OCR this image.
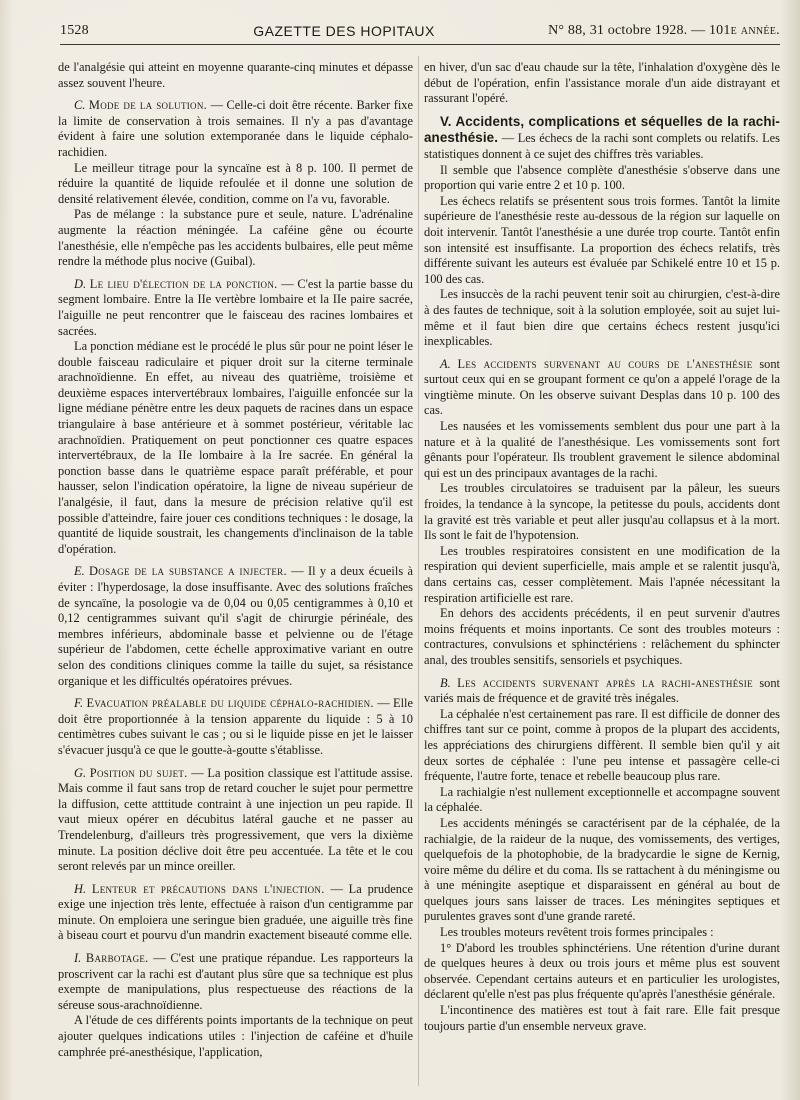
1528	GAZETTE DES HOPITAUX	N° 88, 31 octobre 1928. — 101e année.

de l'analgésie qui atteint en moyenne quarante-cinq minutes et dépasse assez souvent l'heure.

C. Mode de la solution. — Celle-ci doit être récente. Barker fixe la limite de conservation à trois semaines. Il n'y a pas d'avantage évident à faire une solution extemporanée dans le liquide céphalo-rachidien.

Le meilleur titrage pour la syncaïne est à 8 p. 100. Il permet de réduire la quantité de liquide refoulée et il donne une solution de densité relativement élevée, condition, comme on l'a vu, favorable.

Pas de mélange : la substance pure et seule, nature. L'adrénaline augmente la réaction méningée. La caféine gêne ou écourte l'anesthésie, elle n'empêche pas les accidents bulbaires, elle peut même rendre la méthode plus nocive (Guibal).

D. Le lieu d'élection de la ponction. — C'est la partie basse du segment lombaire. Entre la IIe vertèbre lombaire et la IIe paire sacrée, l'aiguille ne peut rencontrer que le faisceau des racines lombaires et sacrées.

La ponction médiane est le procédé le plus sûr pour ne point léser le double faisceau radiculaire et piquer droit sur la citerne terminale arachnoïdienne. En effet, au niveau des quatrième, troisième et deuxième espaces intervertébraux lombaires, l'aiguille enfoncée sur la ligne médiane pénètre entre les deux paquets de racines dans un espace triangulaire à base antérieure et à sommet postérieur, véritable lac arachnoïdien. Pratiquement on peut ponctionner ces quatre espaces intervertébraux, de la IIe lombaire à la Ire sacrée. En général la ponction basse dans le quatrième espace paraît préférable, et pour hausser, selon l'indication opératoire, la ligne de niveau supérieur de l'analgésie, il faut, dans la mesure de précision relative qu'il est possible d'atteindre, faire jouer ces conditions techniques : le dosage, la quantité de liquide soustrait, les changements d'inclinaison de la table d'opération.

E. Dosage de la substance a injecter. — Il y a deux écueils à éviter : l'hyperdosage, la dose insuffisante. Avec des solutions fraîches de syncaïne, la posologie va de 0,04 ou 0,05 centigrammes à 0,10 et 0,12 centigrammes suivant qu'il s'agit de chirurgie périnéale, des membres inférieurs, abdominale basse et pelvienne ou de l'étage supérieur de l'abdomen, cette échelle approximative variant en outre selon des conditions cliniques comme la taille du sujet, sa résistance organique et les difficultés opératoires prévues.

F. Evacuation préalable du liquide céphalo-rachidien. — Elle doit être proportionnée à la tension apparente du liquide : 5 à 10 centimètres cubes suivant le cas ; ou si le liquide pisse en jet le laisser s'évacuer jusqu'à ce que le goutte-à-goutte s'établisse.

G. Position du sujet. — La position classique est l'attitude assise. Mais comme il faut sans trop de retard coucher le sujet pour permettre la diffusion, cette atttitude contraint à une injection un peu rapide. Il vaut mieux opérer en décubitus latéral gauche et ne passer au Trendelenburg, d'ailleurs très progressivement, que vers la dixième minute. La position déclive doit être peu accentuée. La tête et le cou seront relevés par un mince oreiller.

H. Lenteur et précautions dans l'injection. — La prudence exige une injection très lente, effectuée à raison d'un centigramme par minute. On emploiera une seringue bien graduée, une aiguille très fine à biseau court et pourvu d'un mandrin exactement biseauté comme elle.

I. Barbotage. — C'est une pratique répandue. Les rapporteurs la proscrivent car la rachi est d'autant plus sûre que sa technique est plus exempte de manipulations, plus respectueuse des réactions de la séreuse sous-arachnoïdienne.

A l'étude de ces différents points importants de la technique on peut ajouter quelques indications utiles : l'injection de caféine et d'huile camphrée pré-anesthésique, l'application,

en hiver, d'un sac d'eau chaude sur la tête, l'inhalation d'oxygène dès le début de l'opération, enfin l'assistance morale d'un aide distrayant et rassurant l'opéré.

V. Accidents, complications et séquelles de la rachi-anesthésie. — Les échecs de la rachi sont complets ou relatifs. Les statistiques donnent à ce sujet des chiffres très variables.

Il semble que l'absence complète d'anesthésie s'observe dans une proportion qui varie entre 2 et 10 p. 100.

Les échecs relatifs se présentent sous trois formes. Tantôt la limite supérieure de l'anesthésie reste au-dessous de la région sur laquelle on doit intervenir. Tantôt l'anesthésie a une durée trop courte. Tantôt enfin son intensité est insuffisante. La proportion des échecs relatifs, très différente suivant les auteurs est évaluée par Schikelé entre 10 et 15 p. 100 des cas.

Les insuccès de la rachi peuvent tenir soit au chirurgien, c'est-à-dire à des fautes de technique, soit à la solution employée, soit au sujet lui-même et il faut bien dire que certains échecs restent jusqu'ici inexplicables.

A. Les accidents survenant au cours de l'anesthésie sont surtout ceux qui en se groupant forment ce qu'on a appelé l'orage de la vingtième minute. On les observe suivant Desplas dans 10 p. 100 des cas.

Les nausées et les vomissements semblent dus pour une part à la nature et à la qualité de l'anesthésique. Les vomissements sont fort gênants pour l'opérateur. Ils troublent gravement le silence abdominal qui est un des principaux avantages de la rachi.

Les troubles circulatoires se traduisent par la pâleur, les sueurs froides, la tendance à la syncope, la petitesse du pouls, accidents dont la gravité est très variable et peut aller jusqu'au collapsus et à la mort. Ils sont le fait de l'hypotension.

Les troubles respiratoires consistent en une modification de la respiration qui devient superficielle, mais ample et se ralentit jusqu'à, dans certains cas, cesser complètement. Mais l'apnée nécessitant la respiration artificielle est rare.

En dehors des accidents précédents, il en peut survenir d'autres moins fréquents et moins inportants. Ce sont des troubles moteurs : contractures, convulsions et sphinctériens : relâchement du sphincter anal, des troubles sensitifs, sensoriels et psychiques.

B. Les accidents survenant après la rachi-anesthésie sont variés mais de fréquence et de gravité très inégales.

La céphalée n'est certainement pas rare. Il est difficile de donner des chiffres tant sur ce point, comme à propos de la plupart des accidents, les appréciations des chirurgiens diffèrent. Il semble bien qu'il y ait deux sortes de céphalée : l'une peu intense et passagère celle-ci fréquente, l'autre forte, tenace et rebelle beaucoup plus rare.

La rachialgie n'est nullement exceptionnelle et accompagne souvent la céphalée.

Les accidents méningés se caractérisent par de la céphalée, de la rachialgie, de la raideur de la nuque, des vomissements, des vertiges, quelquefois de la photophobie, de la bradycardie le signe de Kernig, voire même du délire et du coma. Ils se rattachent à du méningisme ou à une méningite aseptique et disparaissent en général au bout de quelques jours sans laisser de traces. Les méningites septiques et purulentes graves sont d'une grande rareté.

Les troubles moteurs revêtent trois formes principales :

1° D'abord les troubles sphinctériens. Une rétention d'urine durant de quelques heures à deux ou trois jours et même plus est souvent observée. Cependant certains auteurs et en particulier les urologistes, déclarent qu'elle n'est pas plus fréquente qu'après l'anesthésie générale.

L'incontinence des matières est tout à fait rare. Elle fait presque toujours partie d'un ensemble nerveux grave.
